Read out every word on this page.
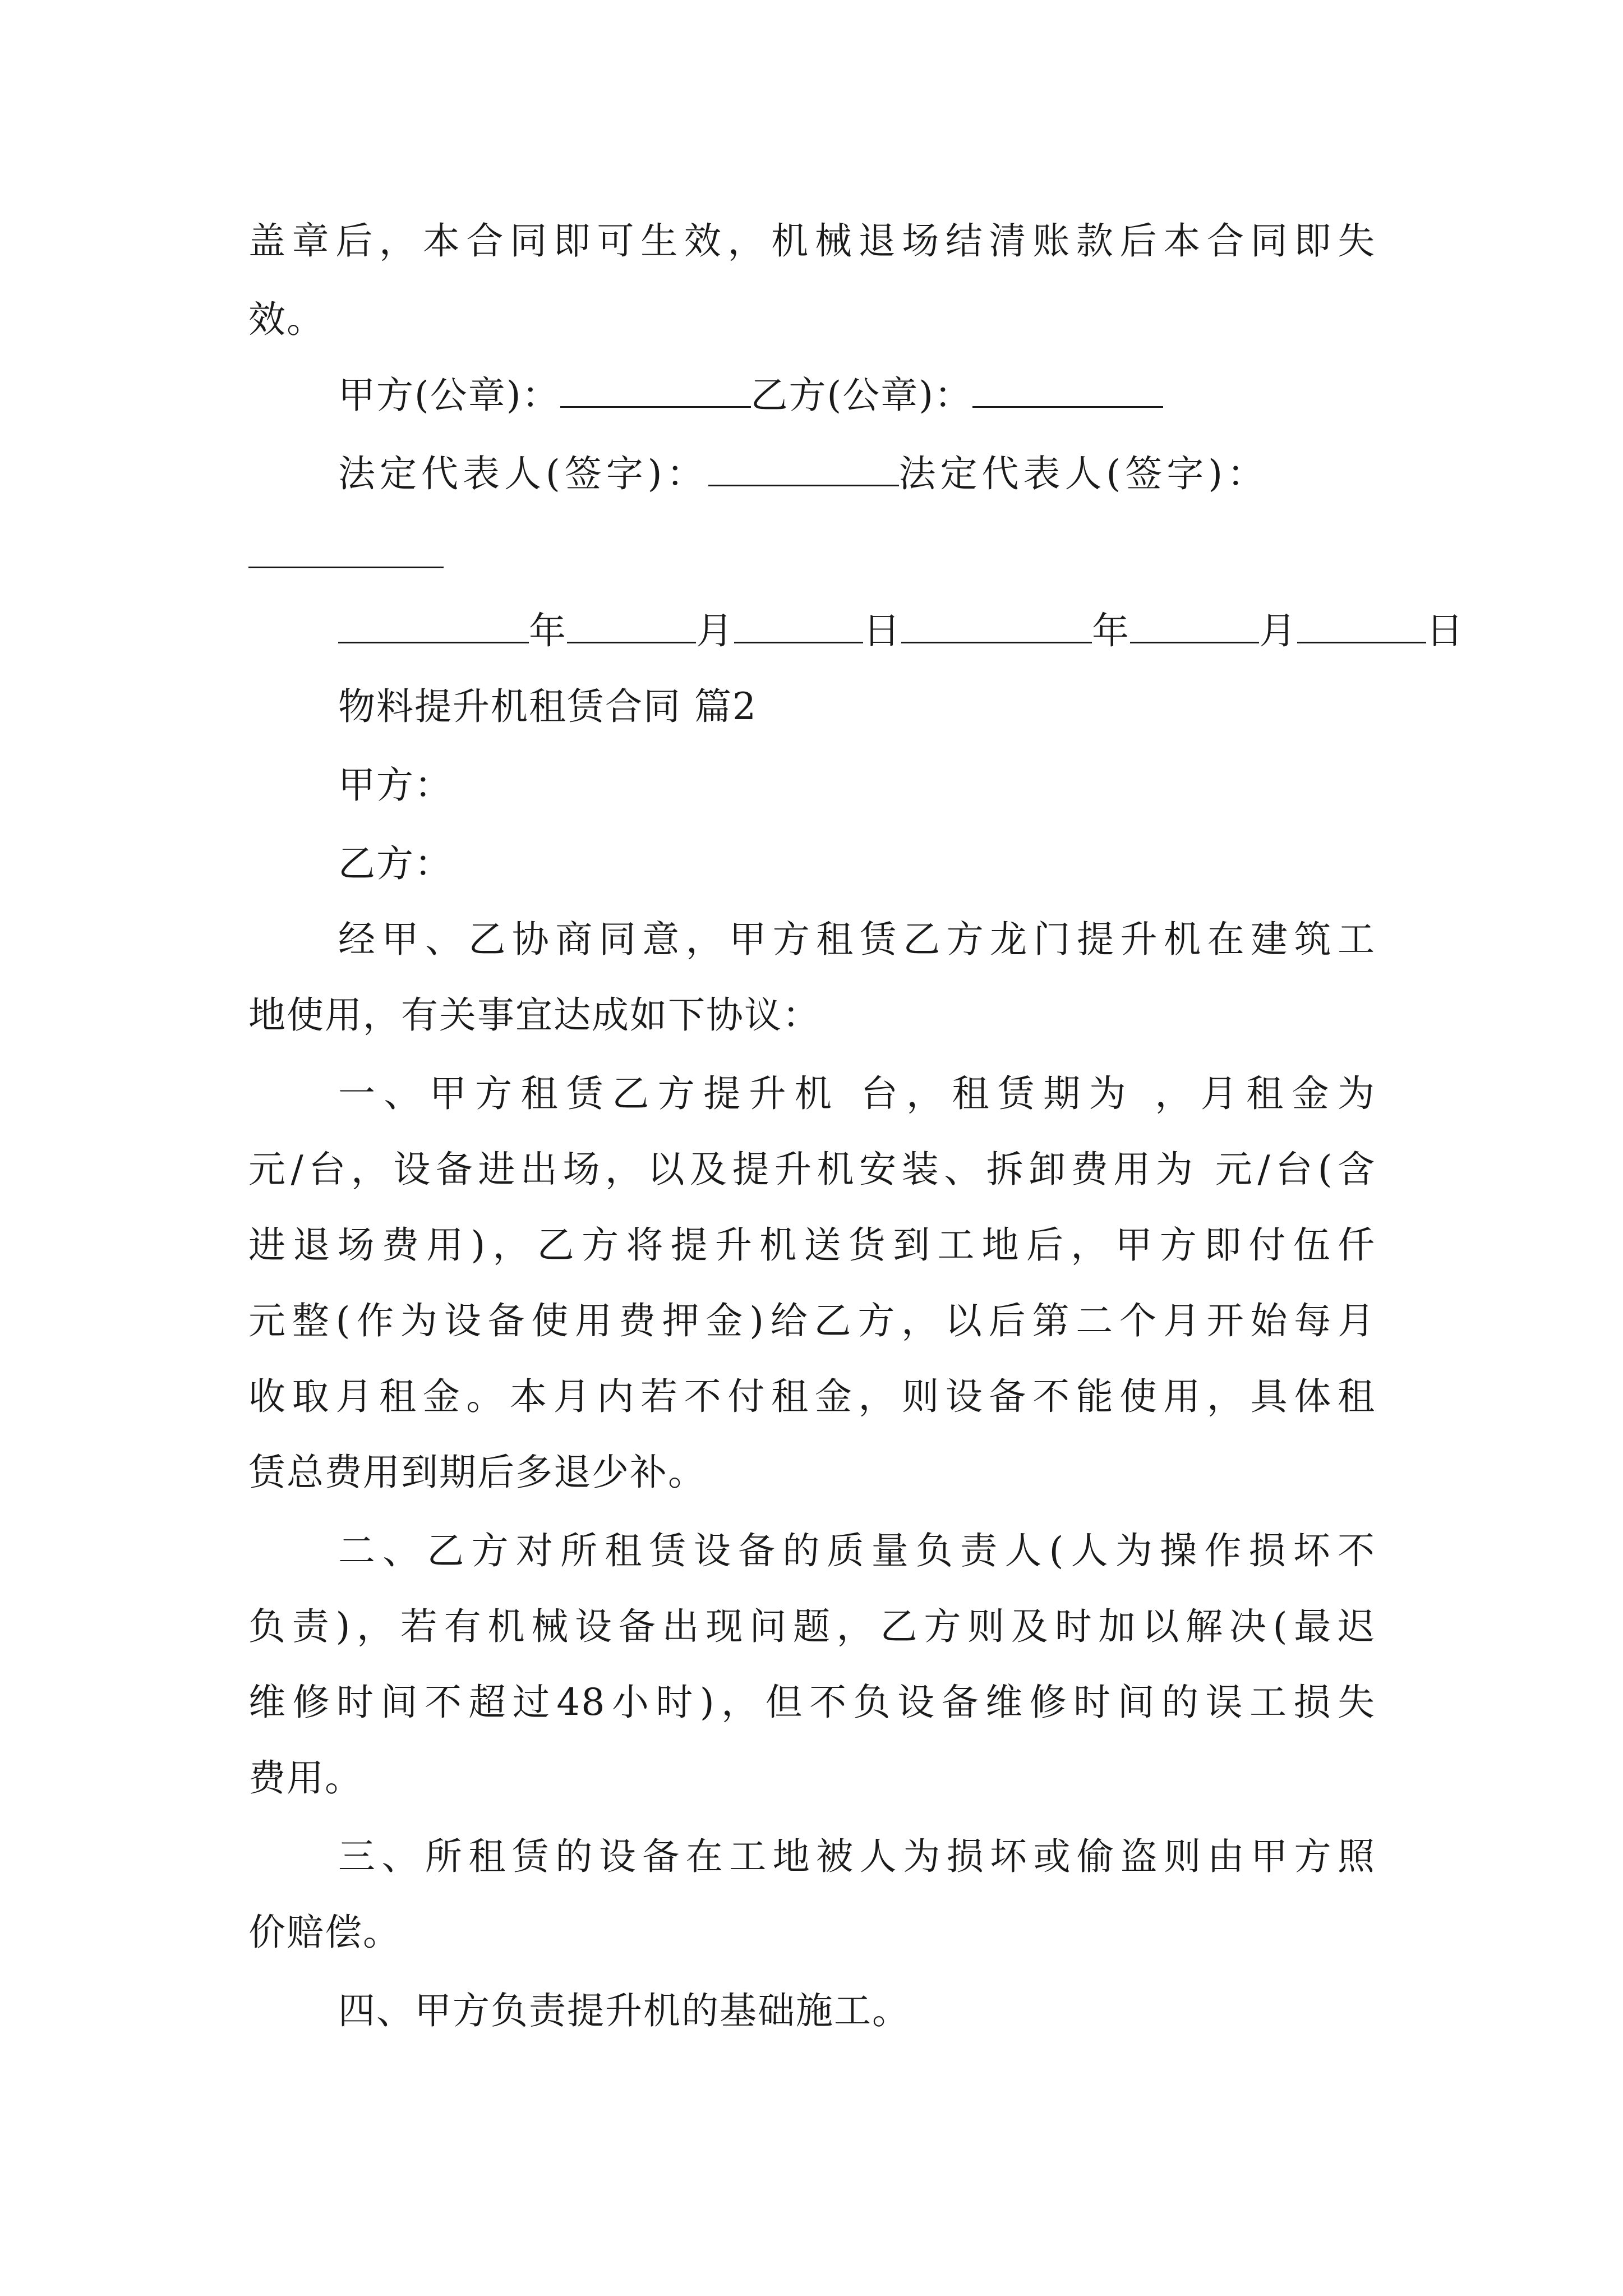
盖章后，本合同即可生效，机械退场结清账款后本合同即失
效。
甲方(公章)：	乙方(公章)：
法定代表人(签字)：	法定代表人(签字)：
年	月	日	年	月	日
物料提升机租赁合同 篇2
甲方：
乙方：
经甲、乙协商同意，甲方租赁乙方龙门提升机在建筑工
地使用，有关事宜达成如下协议：
一、甲方租赁乙方提升机 台，租赁期为 ，月租金为
元/台，设备进出场，以及提升机安装、拆卸费用为 元/台(含
进退场费用)，乙方将提升机送货到工地后，甲方即付伍仟
元整(作为设备使用费押金)给乙方，以后第二个月开始每月
收取月租金。本月内若不付租金，则设备不能使用，具体租
赁总费用到期后多退少补。
二、乙方对所租赁设备的质量负责人(人为操作损坏不
负责)，若有机械设备出现问题，乙方则及时加以解决(最迟
维修时间不超过48小时)，但不负设备维修时间的误工损失
费用。
三、所租赁的设备在工地被人为损坏或偷盗则由甲方照
价赔偿。
四、甲方负责提升机的基础施工。
